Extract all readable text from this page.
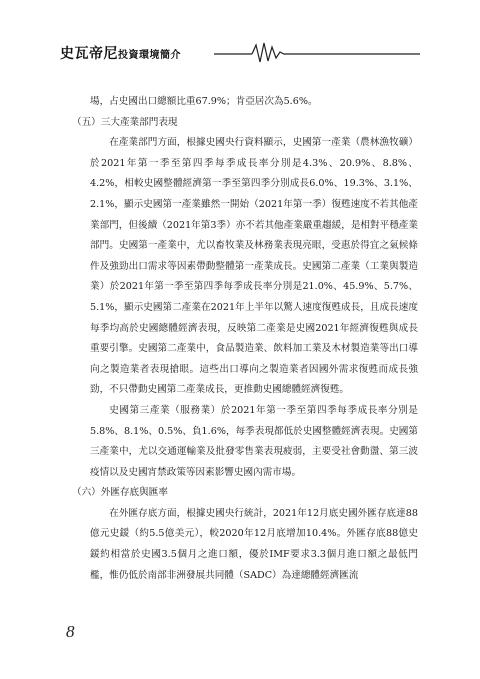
史瓦帝尼投資環境簡介

場，占史國出口總額比重67.9%；肯亞居次為5.6%。

（五）三大產業部門表現

在產業部門方面，根據史國央行資料顯示，史國第一產業（農林漁牧礦）於2021年第一季至第四季每季成長率分別是4.3%、20.9%、8.8%、4.2%，相較史國整體經濟第一季至第四季分別成長6.0%、19.3%、3.1%、2.1%，顯示史國第一產業雖然一開始（2021年第一季）復甦速度不若其他產業部門，但後續（2021年第3季）亦不若其他產業嚴重趨緩，是相對平穩產業部門。史國第一產業中，尤以畜牧業及林務業表現亮眼，受惠於得宜之氣候條件及強勁出口需求等因素帶動整體第一產業成長。史國第二產業（工業與製造業）於2021年第一季至第四季每季成長率分別是21.0%、45.9%、5.7%、5.1%，顯示史國第二產業在2021年上半年以驚人速度復甦成長，且成長速度每季均高於史國總體經濟表現，反映第二產業是史國2021年經濟復甦與成長重要引擎。史國第二產業中，食品製造業、飲料加工業及木材製造業等出口導向之製造業者表現搶眼。這些出口導向之製造業者因國外需求復甦而成長強勁，不只帶動史國第二產業成長，更推動史國總體經濟復甦。

史國第三產業（服務業）於2021年第一季至第四季每季成長率分別是5.8%、8.1%、0.5%、負1.6%，每季表現都低於史國整體經濟表現。史國第三產業中，尤以交通運輸業及批發零售業表現疲弱，主要受社會動盪、第三波疫情以及史國宵禁政策等因素影響史國內需市場。

（六）外匯存底與匯率

在外匯存底方面，根據史國央行統計，2021年12月底史國外匯存底達88億元史鍰（約5.5億美元），較2020年12月底增加10.4%。外匯存底88億史鍰約相當於史國3.5個月之進口額，優於IMF要求3.3個月進口額之最低門檻，惟仍低於南部非洲發展共同體（SADC）為達總體經濟匯流

8
